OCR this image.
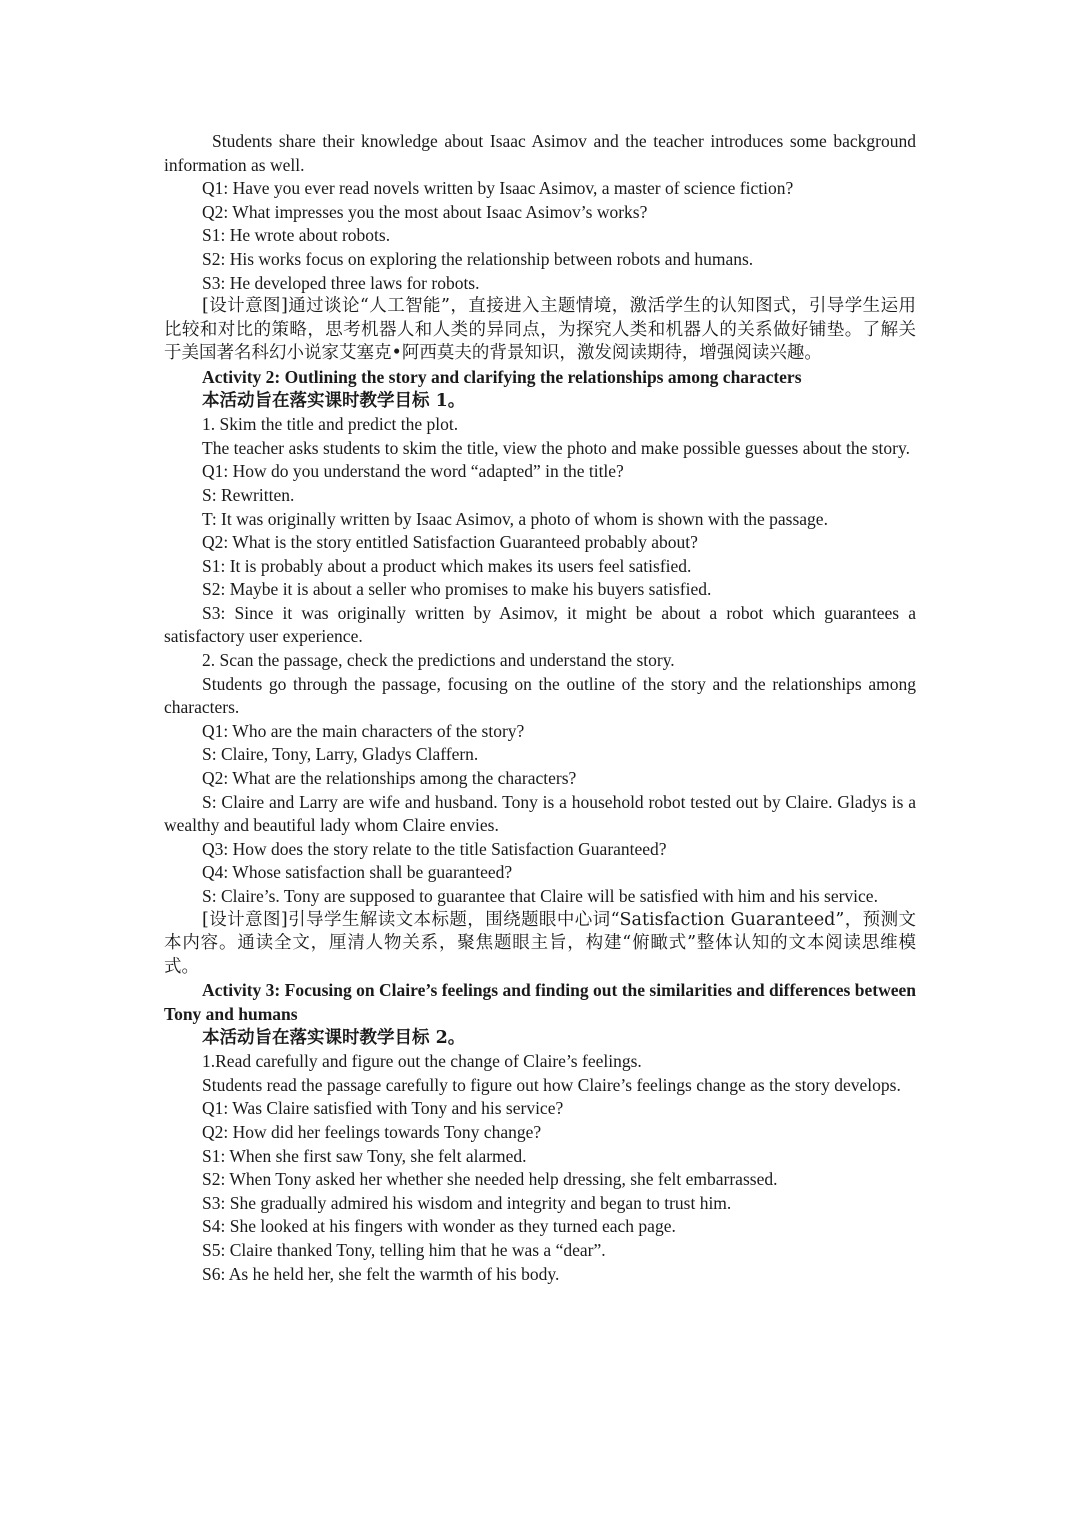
Students share their knowledge about Isaac Asimov and the teacher introduces some background information as well.

Q1: Have you ever read novels written by Isaac Asimov, a master of science fiction?

Q2: What impresses you the most about Isaac Asimov’s works?

S1: He wrote about robots.

S2: His works focus on exploring the relationship between robots and humans.

S3: He developed three laws for robots.

[设计意图]通过谈论“人工智能”，直接进入主题情境，激活学生的认知图式，引导学生运用比较和对比的策略，思考机器人和人类的异同点，为探究人类和机器人的关系做好铺垫。了解关于美国著名科幻小说家艾塞克•阿西莫夫的背景知识，激发阅读期待，增强阅读兴趣。

Activity 2: Outlining the story and clarifying the relationships among characters

本活动旨在落实课时教学目标 1。

1. Skim the title and predict the plot.

The teacher asks students to skim the title, view the photo and make possible guesses about the story.

Q1: How do you understand the word “adapted” in the title?

S: Rewritten.

T: It was originally written by Isaac Asimov, a photo of whom is shown with the passage.

Q2: What is the story entitled Satisfaction Guaranteed probably about?

S1: It is probably about a product which makes its users feel satisfied.

S2: Maybe it is about a seller who promises to make his buyers satisfied.

S3: Since it was originally written by Asimov, it might be about a robot which guarantees a satisfactory user experience.

2. Scan the passage, check the predictions and understand the story.

Students go through the passage, focusing on the outline of the story and the relationships among characters.

Q1: Who are the main characters of the story?

S: Claire, Tony, Larry, Gladys Claffern.

Q2: What are the relationships among the characters?

S: Claire and Larry are wife and husband. Tony is a household robot tested out by Claire. Gladys is a wealthy and beautiful lady whom Claire envies.

Q3: How does the story relate to the title Satisfaction Guaranteed?

Q4: Whose satisfaction shall be guaranteed?

S: Claire’s. Tony are supposed to guarantee that Claire will be satisfied with him and his service.

[设计意图]引导学生解读文本标题，围绕题眼中心词“Satisfaction Guaranteed”，预测文本内容。通读全文，厘清人物关系，聚焦题眼主旨，构建“俯瞰式”整体认知的文本阅读思维模式。

Activity 3: Focusing on Claire’s feelings and finding out the similarities and differences between Tony and humans

本活动旨在落实课时教学目标 2。

1.Read carefully and figure out the change of Claire’s feelings.

Students read the passage carefully to figure out how Claire’s feelings change as the story develops.

Q1: Was Claire satisfied with Tony and his service?

Q2: How did her feelings towards Tony change?

S1: When she first saw Tony, she felt alarmed.

S2: When Tony asked her whether she needed help dressing, she felt embarrassed.

S3: She gradually admired his wisdom and integrity and began to trust him.

S4: She looked at his fingers with wonder as they turned each page.

S5: Claire thanked Tony, telling him that he was a “dear”.

S6: As he held her, she felt the warmth of his body.
